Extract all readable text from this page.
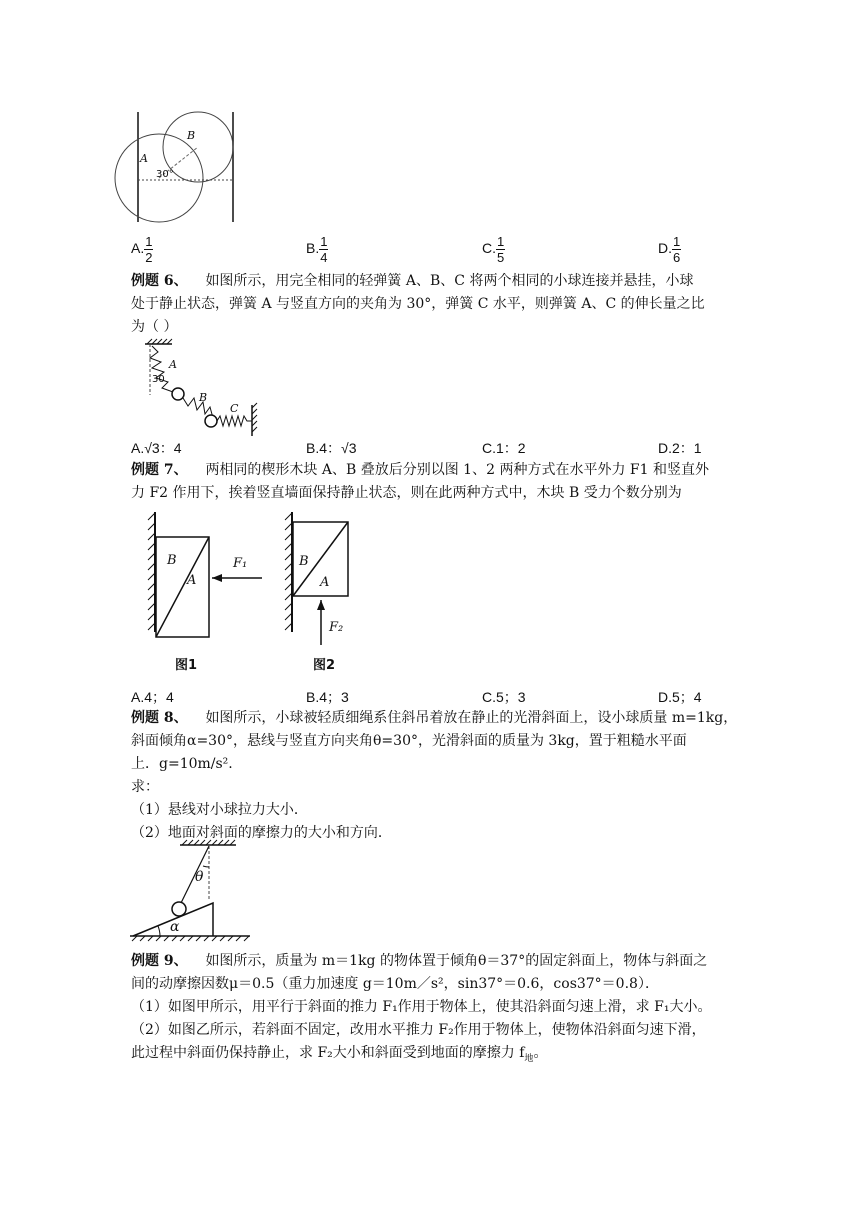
A
B
30°
A. $\frac{1}{2}$	B. $\frac{1}{4}$	C. $\frac{1}{5}$	D. $\frac{1}{6}$
例题 6、 如图所示，用完全相同的轻弹簧 A、B、C 将两个相同的小球连接并悬挂，小球
处于静止状态，弹簧 A 与竖直方向的夹角为 30°，弹簧 C 水平，则弹簧 A、C 的伸长量之比
为（ ）
A
B
C
30
A.√3：4	B.4：√3	C.1：2	D.2：1
例题 7、 两相同的楔形木块 A、B 叠放后分别以图 1、2 两种方式在水平外力 F1 和竖直外
力 F2 作用下，挨着竖直墙面保持静止状态，则在此两种方式中，木块 B 受力个数分别为
B
A
F₁	B
A
F₂
图1	图2
A.4；4	B.4；3	C.5；3	D.5；4
例题 8、 如图所示，小球被轻质细绳系住斜吊着放在静止的光滑斜面上，设小球质量 m=1kg，
斜面倾角α=30°，悬线与竖直方向夹角θ=30°，光滑斜面的质量为 3kg，置于粗糙水平面
上．g=10m/s².
求：
（1）悬线对小球拉力大小．
（2）地面对斜面的摩擦力的大小和方向．
θ
α
例题 9、 如图所示，质量为 m＝1kg 的物体置于倾角θ＝37°的固定斜面上，物体与斜面之
间的动摩擦因数μ＝0.5（重力加速度 g＝10m／s²，sin37°＝0.6，cos37°＝0.8）．
（1）如图甲所示，用平行于斜面的推力 F₁作用于物体上，使其沿斜面匀速上滑，求 F₁大小。
（2）如图乙所示，若斜面不固定，改用水平推力 F₂作用于物体上，使物体沿斜面匀速下滑，
此过程中斜面仍保持静止，求 F₂大小和斜面受到地面的摩擦力 $f_地$。
